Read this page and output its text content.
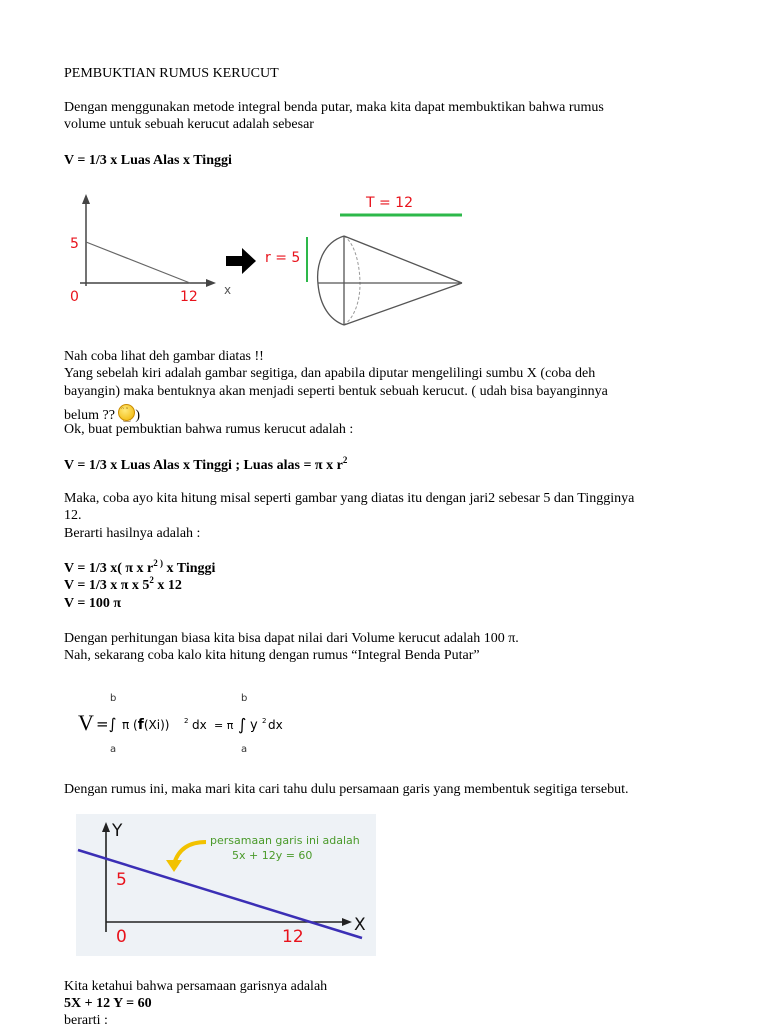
PEMBUKTIAN RUMUS KERUCUT
Dengan menggunakan metode integral benda putar, maka kita dapat membuktikan bahwa rumus
volume untuk sebuah kerucut adalah sebesar
V = 1/3 x Luas Alas x Tinggi
5
0	12 x
T = 12
r = 5
Nah coba lihat deh gambar diatas !!
Yang sebelah kiri adalah gambar segitiga, dan apabila diputar mengelilingi sumbu X (coba deh
bayangin) maka bentuknya akan menjadi seperti bentuk sebuah kerucut. ( udah bisa bayanginnya
belum ?? ᵔ ᵔ ‿ )
Ok, buat pembuktian bahwa rumus kerucut adalah :
V = 1/3 x Luas Alas x Tinggi ; Luas alas = π x $r^2$
Maka, coba ayo kita hitung misal seperti gambar yang diatas itu dengan jari2 sebesar 5 dan Tingginya
12.
Berarti hasilnya adalah :
V = 1/3 x( π x $r^{2 )}$ x Tinggi
V = 1/3 x π x $5^2$ x 12
V = 100 π
Dengan perhitungan biasa kita bisa dapat nilai dari Volume kerucut adalah 100 π.
Nah, sekarang coba kalo kita hitung dengan rumus “Integral Benda Putar”
b
a
b
a
V =∫ π (f(Xi)) 2 dx = π ∫ y 2 dx
Dengan rumus ini, maka mari kita cari tahu dulu persamaan garis yang membentuk segitiga tersebut.
Y
X
5
0	12
persamaan garis ini adalah
5x + 12y = 60
Kita ketahui bahwa persamaan garisnya adalah
5X + 12 Y = 60
berarti :
